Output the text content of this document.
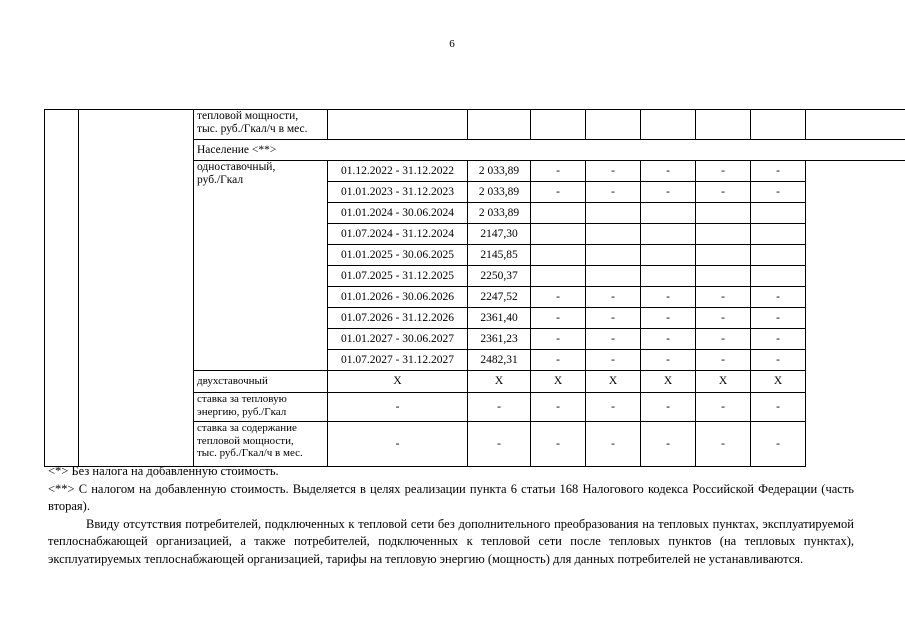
6
		тепловой мощности,
тыс. руб./Гкал/ч в мес.								
		Население <**>								
		одноставочный,
руб./Гкал	01.12.2022 - 31.12.2022	2 033,89	-	-	-	-	-	
			01.01.2023 - 31.12.2023	2 033,89	-	-	-	-	-	
			01.01.2024 - 30.06.2024	2 033,89						
			01.07.2024 - 31.12.2024	2147,30						
			01.01.2025 - 30.06.2025	2145,85						
			01.07.2025 - 31.12.2025	2250,37						
			01.01.2026 - 30.06.2026	2247,52	-	-	-	-	-	
			01.07.2026 - 31.12.2026	2361,40	-	-	-	-	-	
			01.01.2027 - 30.06.2027	2361,23	-	-	-	-	-	
			01.07.2027 - 31.12.2027	2482,31	-	-	-	-	-	
		двухставочный	X	X	X	X	X	X	X	
		ставка за тепловую
энергию, руб./Гкал	-	-	-	-	-	-	-	
		ставка за содержание
тепловой мощности,
тыс. руб./Гкал/ч в мес.	-	-	-	-	-	-	-	

<*> Без налога на добавленную стоимость.

<**> С налогом на добавленную стоимость. Выделяется в целях реализации пункта 6 статьи 168 Налогового кодекса Российской Федерации (часть вторая).

Ввиду отсутствия потребителей, подключенных к тепловой сети без дополнительного преобразования на тепловых пунктах, эксплуатируемой теплоснабжающей организацией, а также потребителей, подключенных к тепловой сети после тепловых пунктов (на тепловых пунктах), эксплуатируемых теплоснабжающей организацией, тарифы на тепловую энергию (мощность) для данных потребителей не устанавливаются.
